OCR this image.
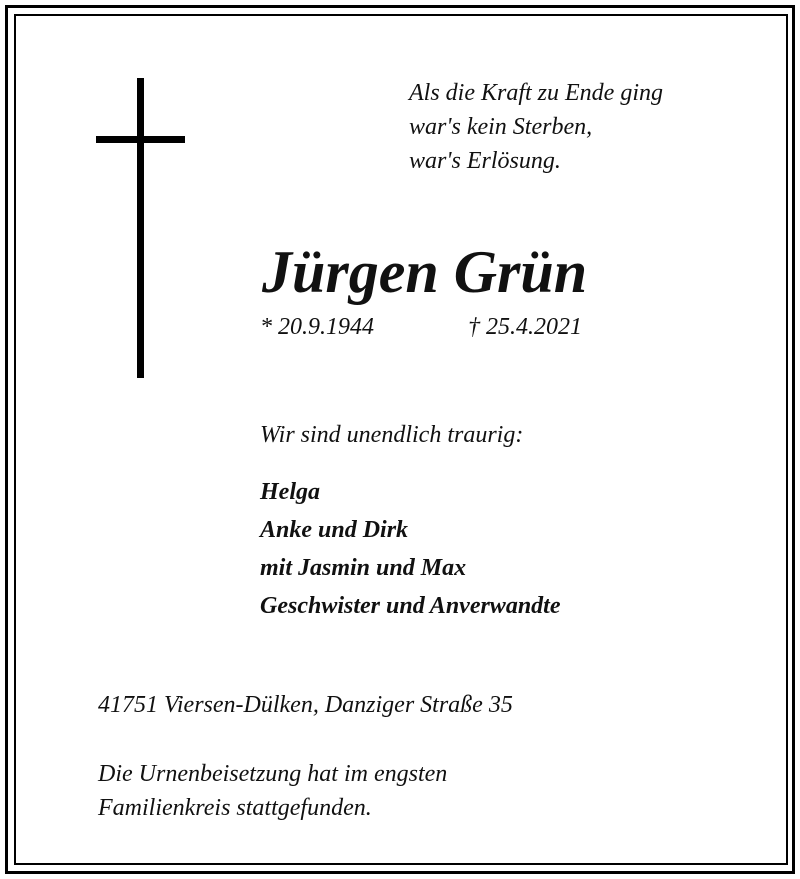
Als die Kraft zu Ende ging
war's kein Sterben,
war's Erlösung.
Jürgen Grün
* 20.9.1944	† 25.4.2021
Wir sind unendlich traurig:
Helga
Anke und Dirk
mit Jasmin und Max
Geschwister und Anverwandte
41751 Viersen-Dülken, Danziger Straße 35
Die Urnenbeisetzung hat im engsten
Familienkreis stattgefunden.
